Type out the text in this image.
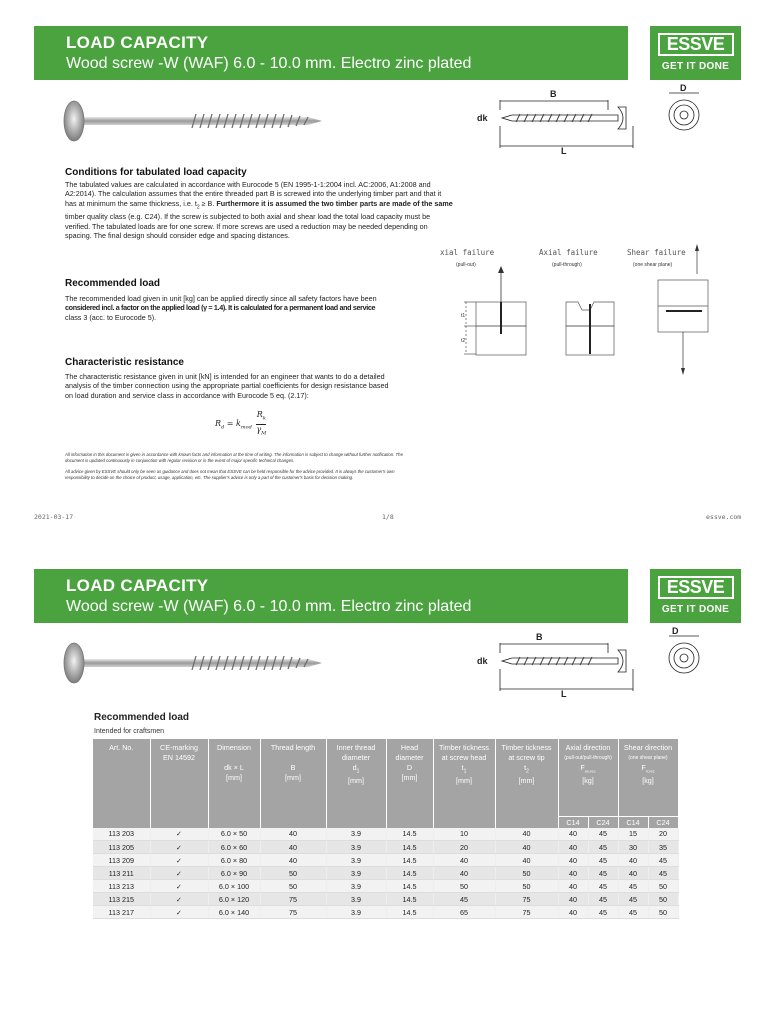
LOAD CAPACITY
Wood screw -W (WAF) 6.0 - 10.0 mm. Electro zinc plated
ESSVE
GET IT DONE
B
dk
L
D
Conditions for tabulated load capacity
The tabulated values are calculated in accordance with Eurocode 5 (EN 1995-1-1:2004 incl. AC:2006, A1:2008 and
A2:2014). The calculation assumes that the entire threaded part B is screwed into the underlying timber part and that it
has at minimum the same thickness, i.e. $t_2 \ge B$. Furthermore it is assumed the two timber parts are made of the same
timber quality class (e.g. C24). If the screw is subjected to both axial and shear load the total load capacity must be
verified. The tabulated loads are for one screw. If more screws are used a reduction may be needed depending on
spacing. The final design should consider edge and spacing distances.
xial failure
(pull-out)
Axial failure
(pull-through)
Shear failure
(one shear plane)
t1
t2
Recommended load
The recommended load given in unit [kg] can be applied directly since all safety factors have been
considered incl. a factor on the applied load (γ = 1.4). It is calculated for a permanent load and service
class 3 (acc. to Eurocode 5).
Characteristic resistance
The characteristic resistance given in unit [kN] is intended for an engineer that wants to do a detailed
analysis of the timber connection using the appropriate partial coefficients for design resistance based
on load duration and service class in accordance with Eurocode 5 eq. (2.17):
$R_d = k_{mod} \frac{R_k}{\gamma_M}$
All information in this document is given in accordance with known facts and information at the time of writing. The information is subject to change without further notification. The
document is updated continuously in conjunction with regular revision or in the event of major specific technical changes.
All advice given by ESSVE should only be seen as guidance and does not mean that ESSVE can be held responsible for the advice provided. It is always the customer's own
responsibility to decide on the choice of product, usage, application, etc. The supplier's advice is only a part of the customer's basis for decision making.
2021-03-17	1/8	essve.com
LOAD CAPACITY
Wood screw -W (WAF) 6.0 - 10.0 mm. Electro zinc plated
ESSVE
GET IT DONE
B
dk
L
D
Recommended load
Intended for craftsmen
Art. No.	CE-marking
EN 14592	Dimension

dk × L
[mm]	Thread length

B
[mm]	Inner thread
diameter
$d_1$
[mm]	Head
diameter
D
[mm]	Timber tickness
at screw head
$t_1$
[mm]	Timber tickness
at screw tip
$t_2$
[mm]	Axial direction
(pull-out/pull-through)
$F_{ax,rec}$
[kg]		Shear direction
(one shear plane)
$F_{V,rec}$
[kg]	

								C14	C24	C14	C24
113 203	✓	6.0 × 50	40	3.9	14.5	10	40	40	45	15	20
113 205	✓	6.0 × 60	40	3.9	14.5	20	40	40	45	30	35
113 209	✓	6.0 × 80	40	3.9	14.5	40	40	40	45	40	45
113 211	✓	6.0 × 90	50	3.9	14.5	40	50	40	45	40	45
113 213	✓	6.0 × 100	50	3.9	14.5	50	50	40	45	45	50
113 215	✓	6.0 × 120	75	3.9	14.5	45	75	40	45	45	50
113 217	✓	6.0 × 140	75	3.9	14.5	65	75	40	45	45	50
